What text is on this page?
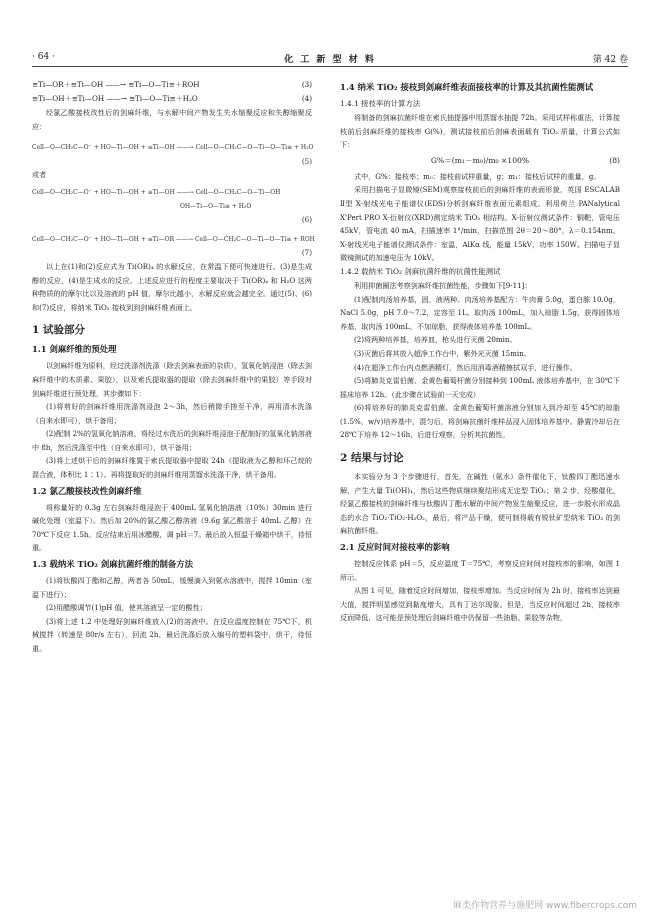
· 64 ·	化 工 新 型 材 料	第 42 卷
≡Ti—OR＋≡Ti—OH ——→ ≡Ti—O—Ti≡＋ROH	(3)
≡Ti—OH＋≡Ti—OH ——→ ≡Ti—O—Ti≡＋H₂O	(4)

经氯乙酸接枝改性后的剑麻纤维，与水解中间产物发生失水缩聚反应和失醇缩聚反应：

Cell—O—CH₂C—O⁻ + HO—Ti—OH + ≡Ti—OH ——→ Cell—O—CH₂C—O—Ti—O—Ti≡ + H₂O
(5)

或者

Cell—O—CH₂C—O⁻ + HO—Ti—OH + ≡Ti—OH ——→ Cell—O—CH₂C—O—Ti—OH
OH—Ti—O—Ti≡ + H₂O
(6)
Cell—O—CH₂C—O⁻ + HO—Ti—OH + ≡Ti—OR ——→ Cell—O—CH₂C—O—Ti—O—Ti≡ + ROH
(7)

以上在(1)和(2)反应式为 Ti(OR)₄ 的水解反应，在常温下便可快速进行。(3)是生成醇的反应，(4)是生成水的反应。上述反应进行的程度主要取决于 Ti(OR)₄ 和 H₂O 这两种物质的的摩尔比以及溶液的 pH 值，摩尔比越小，水解反应就会越完全。通过(5)、(6)和(7)反应，将纳米 TiO₂ 接枝到到剑麻纤维表面上。

1 试验部分
1.1 剑麻纤维的预处理

以剑麻纤维为原料，经过洗涤剂洗涤（除去剑麻表面的杂质），氢氧化钠浸泡（除去剑麻纤维中的木质素、果胶），以及索氏提取器的提取（除去剑麻纤维中的果胶）等手段对剑麻纤维进行预处理，其步骤如下：

(1)将剪好的剑麻纤维用洗涤剂浸泡 2～3h，然后稍微手搓至干净，再用清水洗涤（自来水即可），烘干备用；

(2)配制 2%的氢氧化钠溶液，将经过水洗后的剑麻纤维浸泡于配制好的氢氧化钠溶液中 8h，然后洗涤至中性（自来水即可），烘干备用；

(3)将上述烘干后的剑麻纤维置于索氏提取器中提取 24h（提取液为乙醇和环己烷的混合液，体积比 1∶1）。再将提取好的剑麻纤维用蒸馏水洗涤干净，烘干备用。

1.2 氯乙酸接枝改性剑麻纤维

将称量好的 0.3g 左右剑麻纤维浸泡于 400mL 氢氧化钠溶液（10%）30min 进行碱化处理（室温下）。然后加 20%的氯乙酸乙醇溶液（9.6g 氯乙酸溶于 40mL 乙醇）在 70℃下反应 1.5h。反应结束后用冰醋酸，调 pH＝7。最后放入恒温干燥箱中烘干，待恒重。

1.3 载纳米 TiO₂ 剑麻抗菌纤维的制备方法

(1)将钛酸四丁酯和乙醇，两者各 50mL，缓慢滴入到氨水溶液中，搅拌 10min（室温下进行）；

(2)用醋酸调节(1)pH 值，使其溶液呈一定的酸性；

(3)将上述 1.2 中处理好剑麻纤维放入(2)的溶液中。在反应温度控制在 75℃下，机械搅拌（转速是 80r/s 左右），回流 2h，最后洗涤后放入编号的塑料袋中，烘干，待恒重。

1.4 纳米 TiO₂ 接枝到剑麻纤维表面接枝率的计算及其抗菌性能测试
1.4.1 接枝率的计算方法

将制备的剑麻抗菌纤维在索氏抽提器中用蒸馏水抽提 72h。采用试样称重法，计算接枝前后剑麻纤维的接枝率 G(%)，测试接枝前后剑麻表面载有 TiO₂ 质量，计算公式如下：

G%＝(m₁－m₀)/m₀ ×100%	(8)

式中，G%：接枝率；m₀：接枝前试样重量，g；m₁：接枝后试样的重量，g。

采用扫描电子显微镜(SEM)观察接枝前后的剑麻纤维的表面形貌，英国 ESCALAB Ⅱ型 X-射线光电子能谱仪(EDS)分析剑麻纤维表面元素组成。利用荷兰 PANalytical X'Pert PRO X-衍射仪(XRD)测定纳米 TiO₂ 相结构。X-衍射仪测试条件：铜靶，管电压 45kV，管电流 40 mA，扫描速率 1°/min，扫描范围 2θ＝20～80°，λ＝0.154nm。X-射线光电子能谱仪测试条件：室温，AlKα 线，能量 15kV，功率 150W。扫描电子显微镜测试的加速电压为 10kV。

1.4.2 载纳米 TiO₂ 剑麻抗菌纤维的抗菌性能测试

利用抑菌圈法考察剑麻纤维抗菌性能，步骤如下[9-11]：

(1)配制肉汤培养基，固、液两种。肉汤培养基配方：牛肉膏 5.0g，蛋白胨 10.0g，NaCl 5.0g，pH 7.0～7.2，定容至 1L。取肉汤 100mL，加入琼脂 1.5g，获得固体培养基，取肉汤 100mL，不加琼脂，获得液体培养基 100mL。

(2)将两种培养基，培养皿，枪头进行灭菌 20min。

(3)灭菌后将其放入超净工作台中，紫外光灭菌 15min。

(4)在超净工作台内点燃酒精灯，然后用消毒酒精擦拭双手，进行操作。

(5)将肺炎克雷伯菌、金黄色葡萄杆菌分别接种到 100mL 液体培养基中，在 30℃下摇床培养 12h。（此步骤在试验前一天完成）

(6)将培养好的肺炎克雷伯菌、金黄色葡萄杆菌溶液分别加入到冷却至 45℃的琼脂(1.5%，w/v)培养基中，混匀后，将剑麻抗菌纤维样品浸入固体培养基中。静置冷却后在 28℃下培养 12～16h，后进行观察，分析其抗菌性。

2 结果与讨论

本实验分为 3 个步骤进行，首先，在碱性（氨水）条件催化下，钛酸四丁酯迅速水解，产生大量 Ti(OH)₄，然后这些物质继续聚结形成无定型 TiO₂；第 2 步，经酸催化，经氯乙酸接枝的剑麻纤维与钛酸四丁酯水解的中间产物发生缩聚反应，进一步脱水形成晶态的水合 TiO₂·TiO₂·H₂O₂，最后，将产品干燥，便可制得载有锐钛矿型纳米 TiO₂ 的剑麻抗菌纤维。

2.1 反应时间对接枝率的影响

控制反应体系 pH＝5，反应温度 T＝75℃，考察反应时间对接枝率的影响，如图 1 所示。

从图 1 可见，随着反应时间增加，接枝率增加。当反应时间为 2h 时，接枝率达到最大值，搅拌明显感觉到黏度增大，具有丁达尔现象。但是，当反应时间超过 2h，接枝率反而降低，这可能是预处理后剑麻纤维中仍保留一些油脂、果胶等杂物，

麻类作物营养与施肥网 www.fibercrops.com
